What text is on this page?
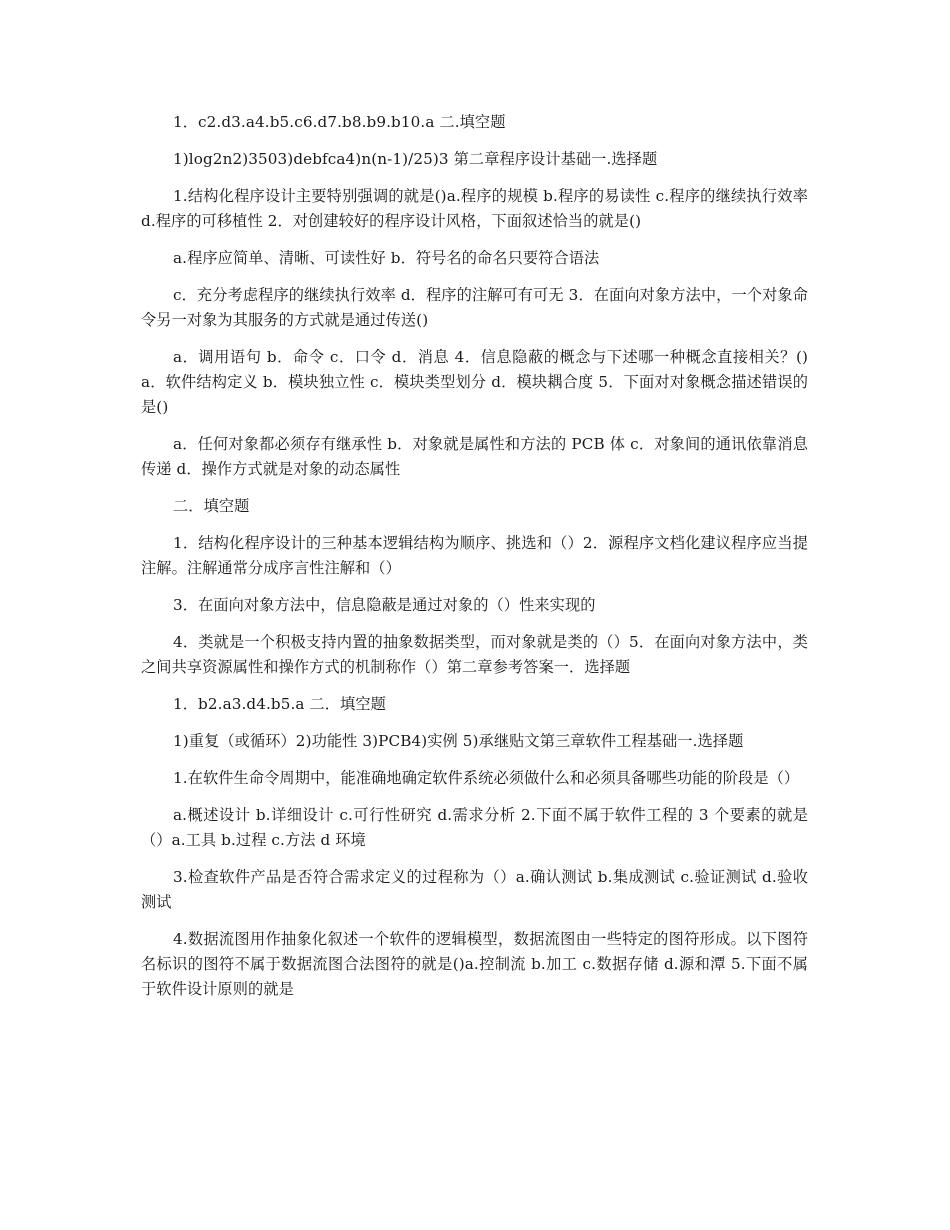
1．c2.d3.a4.b5.c6.d7.b8.b9.b10.a 二.填空题

1)log2n2)3503)debfca4)n(n-1)/25)3 第二章程序设计基础一.选择题

1.结构化程序设计主要特别强调的就是()a.程序的规模 b.程序的易读性 c.程序的继续执行效率 d.程序的可移植性 2．对创建较好的程序设计风格，下面叙述恰当的就是()

a.程序应简单、清晰、可读性好 b．符号名的命名只要符合语法

c．充分考虑程序的继续执行效率 d．程序的注解可有可无 3．在面向对象方法中，一个对象命令另一对象为其服务的方式就是通过传送()

a．调用语句 b．命令 c．口令 d．消息 4．信息隐蔽的概念与下述哪一种概念直接相关？()a．软件结构定义 b．模块独立性 c．模块类型划分 d．模块耦合度 5．下面对对象概念描述错误的是()

a．任何对象都必须存有继承性 b．对象就是属性和方法的 PCB 体 c．对象间的通讯依靠消息传递 d．操作方式就是对象的动态属性

二．填空题

1．结构化程序设计的三种基本逻辑结构为顺序、挑选和（）2．源程序文档化建议程序应当提注解。注解通常分成序言性注解和（）

3．在面向对象方法中，信息隐蔽是通过对象的（）性来实现的

4．类就是一个积极支持内置的抽象数据类型，而对象就是类的（）5．在面向对象方法中，类之间共享资源属性和操作方式的机制称作（）第二章参考答案一．选择题

1．b2.a3.d4.b5.a 二．填空题

1)重复（或循环）2)功能性 3)PCB4)实例 5)承继贴文第三章软件工程基础一.选择题

1.在软件生命令周期中，能准确地确定软件系统必须做什么和必须具备哪些功能的阶段是（）

a.概述设计 b.详细设计 c.可行性研究 d.需求分析 2.下面不属于软件工程的 3 个要素的就是（）a.工具 b.过程 c.方法 d 环境

3.检查软件产品是否符合需求定义的过程称为（）a.确认测试 b.集成测试 c.验证测试 d.验收测试

4.数据流图用作抽象化叙述一个软件的逻辑模型，数据流图由一些特定的图符形成。以下图符名标识的图符不属于数据流图合法图符的就是()a.控制流 b.加工 c.数据存储 d.源和潭 5.下面不属于软件设计原则的就是
